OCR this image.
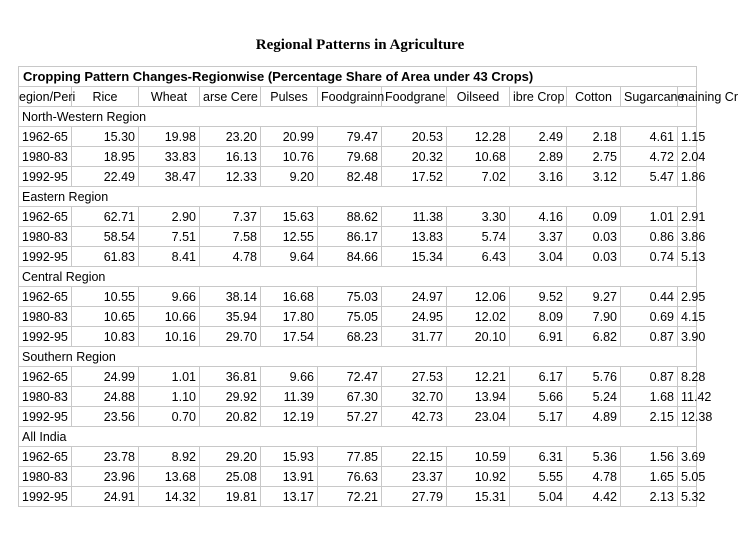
Regional Patterns in Agriculture
Cropping Pattern Changes-Regionwise (Percentage Share of Area under 43 Crops)											
egion/Peri	Rice	Wheat	arse Cere	Pulses	Foodgrainn	Foodgrane	Oilseed	ibre Crop	Cotton	Sugarcane	naining Cr
North-Western Region											
1962-65	15.30	19.98	23.20	20.99	79.47	20.53	12.28	2.49	2.18	4.61	1.15
1980-83	18.95	33.83	16.13	10.76	79.68	20.32	10.68	2.89	2.75	4.72	2.04
1992-95	22.49	38.47	12.33	9.20	82.48	17.52	7.02	3.16	3.12	5.47	1.86
Eastern Region											
1962-65	62.71	2.90	7.37	15.63	88.62	11.38	3.30	4.16	0.09	1.01	2.91
1980-83	58.54	7.51	7.58	12.55	86.17	13.83	5.74	3.37	0.03	0.86	3.86
1992-95	61.83	8.41	4.78	9.64	84.66	15.34	6.43	3.04	0.03	0.74	5.13
Central Region											
1962-65	10.55	9.66	38.14	16.68	75.03	24.97	12.06	9.52	9.27	0.44	2.95
1980-83	10.65	10.66	35.94	17.80	75.05	24.95	12.02	8.09	7.90	0.69	4.15
1992-95	10.83	10.16	29.70	17.54	68.23	31.77	20.10	6.91	6.82	0.87	3.90
Southern Region											
1962-65	24.99	1.01	36.81	9.66	72.47	27.53	12.21	6.17	5.76	0.87	8.28
1980-83	24.88	1.10	29.92	11.39	67.30	32.70	13.94	5.66	5.24	1.68	11.42
1992-95	23.56	0.70	20.82	12.19	57.27	42.73	23.04	5.17	4.89	2.15	12.38
All India											
1962-65	23.78	8.92	29.20	15.93	77.85	22.15	10.59	6.31	5.36	1.56	3.69
1980-83	23.96	13.68	25.08	13.91	76.63	23.37	10.92	5.55	4.78	1.65	5.05
1992-95	24.91	14.32	19.81	13.17	72.21	27.79	15.31	5.04	4.42	2.13	5.32
